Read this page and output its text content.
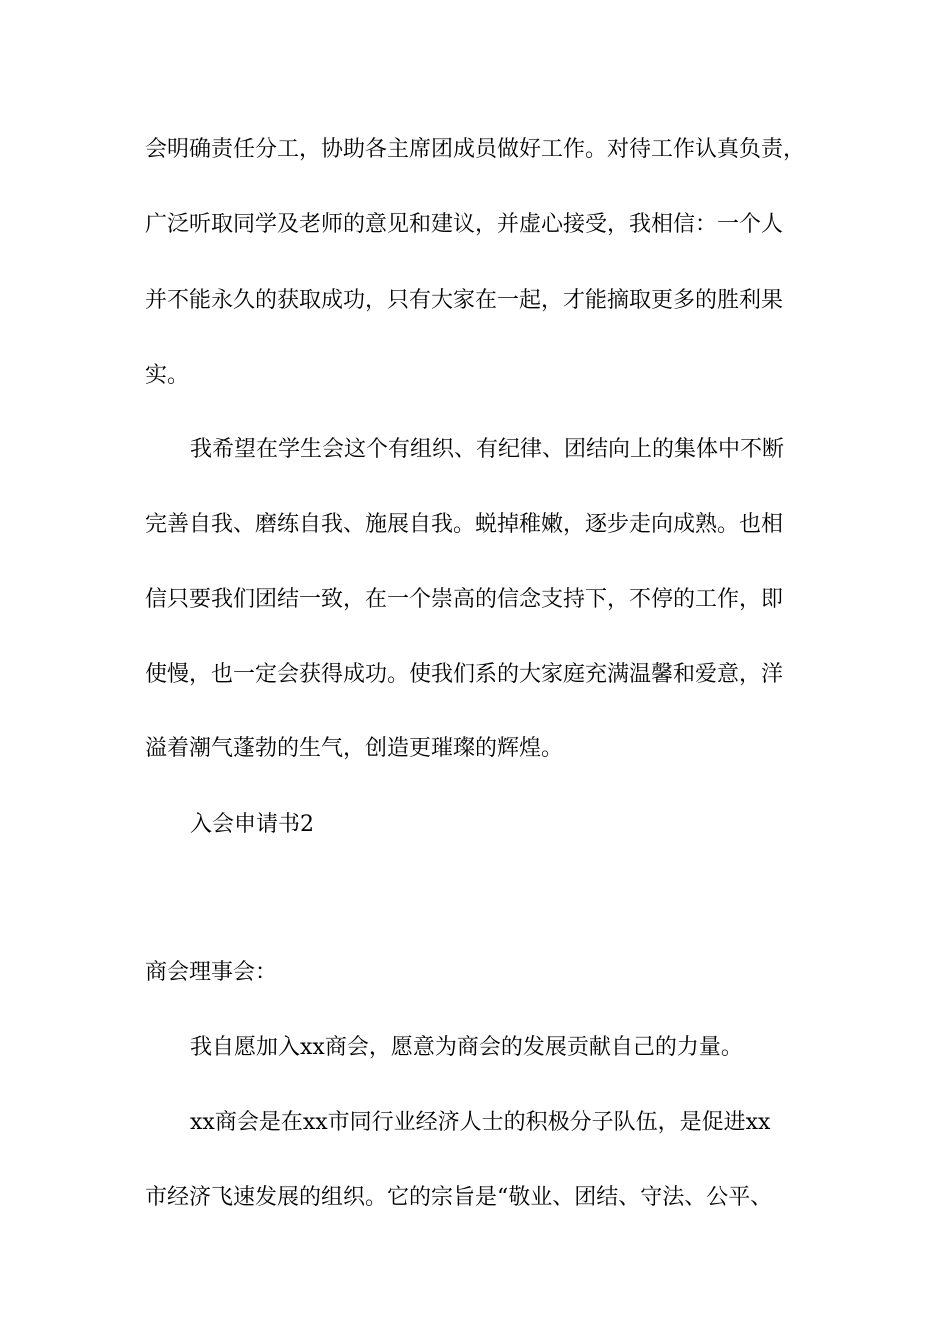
会明确责任分工，协助各主席团成员做好工作。对待工作认真负责，
广泛听取同学及老师的意见和建议，并虚心接受，我相信：一个人
并不能永久的获取成功，只有大家在一起，才能摘取更多的胜利果
实。
我希望在学生会这个有组织、有纪律、团结向上的集体中不断
完善自我、磨练自我、施展自我。蜕掉稚嫩，逐步走向成熟。也相
信只要我们团结一致，在一个崇高的信念支持下，不停的工作，即
使慢，也一定会获得成功。使我们系的大家庭充满温馨和爱意，洋
溢着潮气蓬勃的生气，创造更璀璨的辉煌。
入会申请书2
商会理事会：
我自愿加入xx商会，愿意为商会的发展贡献自己的力量。
xx商会是在xx市同行业经济人士的积极分子队伍，是促进xx
市经济飞速发展的组织。它的宗旨是“敬业、团结、守法、公平、
